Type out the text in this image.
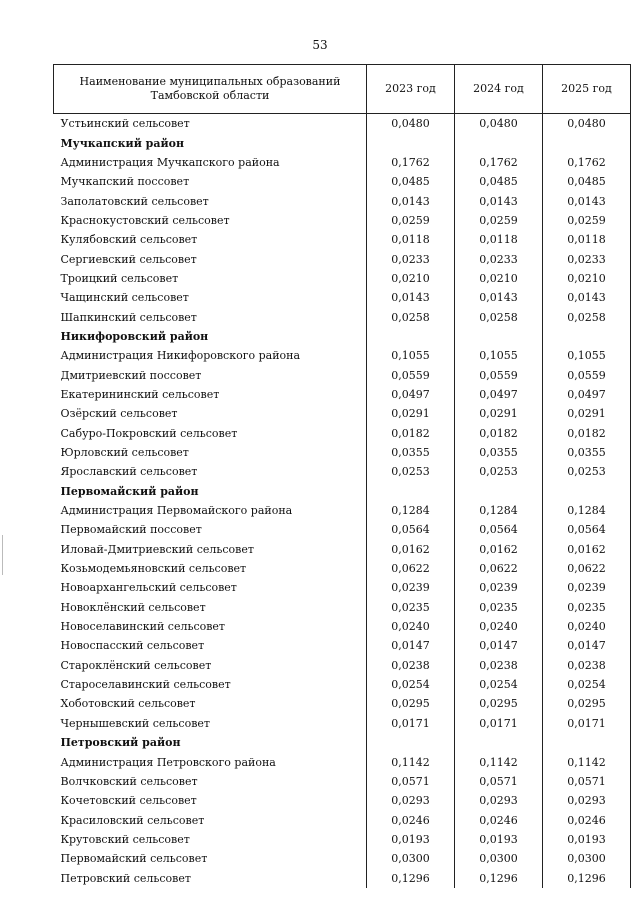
53
Наименование муниципальных образований
Тамбовской области	2023 год	2024 год	2025 год
Устьинский сельсовет	0,0480	0,0480	0,0480
Мучкапский район			
Администрация Мучкапского района	0,1762	0,1762	0,1762
Мучкапский поссовет	0,0485	0,0485	0,0485
Заполатовский сельсовет	0,0143	0,0143	0,0143
Краснокустовский сельсовет	0,0259	0,0259	0,0259
Кулябовский сельсовет	0,0118	0,0118	0,0118
Сергиевский сельсовет	0,0233	0,0233	0,0233
Троицкий сельсовет	0,0210	0,0210	0,0210
Чащинский сельсовет	0,0143	0,0143	0,0143
Шапкинский сельсовет	0,0258	0,0258	0,0258
Никифоровский район			
Администрация Никифоровского района	0,1055	0,1055	0,1055
Дмитриевский поссовет	0,0559	0,0559	0,0559
Екатерининский сельсовет	0,0497	0,0497	0,0497
Озёрский сельсовет	0,0291	0,0291	0,0291
Сабуро-Покровский сельсовет	0,0182	0,0182	0,0182
Юрловский сельсовет	0,0355	0,0355	0,0355
Ярославский сельсовет	0,0253	0,0253	0,0253
Первомайский район			
Администрация Первомайского района	0,1284	0,1284	0,1284
Первомайский поссовет	0,0564	0,0564	0,0564
Иловай-Дмитриевский сельсовет	0,0162	0,0162	0,0162
Козьмодемьяновский сельсовет	0,0622	0,0622	0,0622
Новоархангельский сельсовет	0,0239	0,0239	0,0239
Новоклёнский сельсовет	0,0235	0,0235	0,0235
Новоселавинский сельсовет	0,0240	0,0240	0,0240
Новоспасский сельсовет	0,0147	0,0147	0,0147
Староклёнский сельсовет	0,0238	0,0238	0,0238
Староселавинский сельсовет	0,0254	0,0254	0,0254
Хоботовский сельсовет	0,0295	0,0295	0,0295
Чернышевский сельсовет	0,0171	0,0171	0,0171
Петровский район			
Администрация Петровского района	0,1142	0,1142	0,1142
Волчковский сельсовет	0,0571	0,0571	0,0571
Кочетовский сельсовет	0,0293	0,0293	0,0293
Красиловский сельсовет	0,0246	0,0246	0,0246
Крутовский сельсовет	0,0193	0,0193	0,0193
Первомайский сельсовет	0,0300	0,0300	0,0300
Петровский сельсовет	0,1296	0,1296	0,1296
